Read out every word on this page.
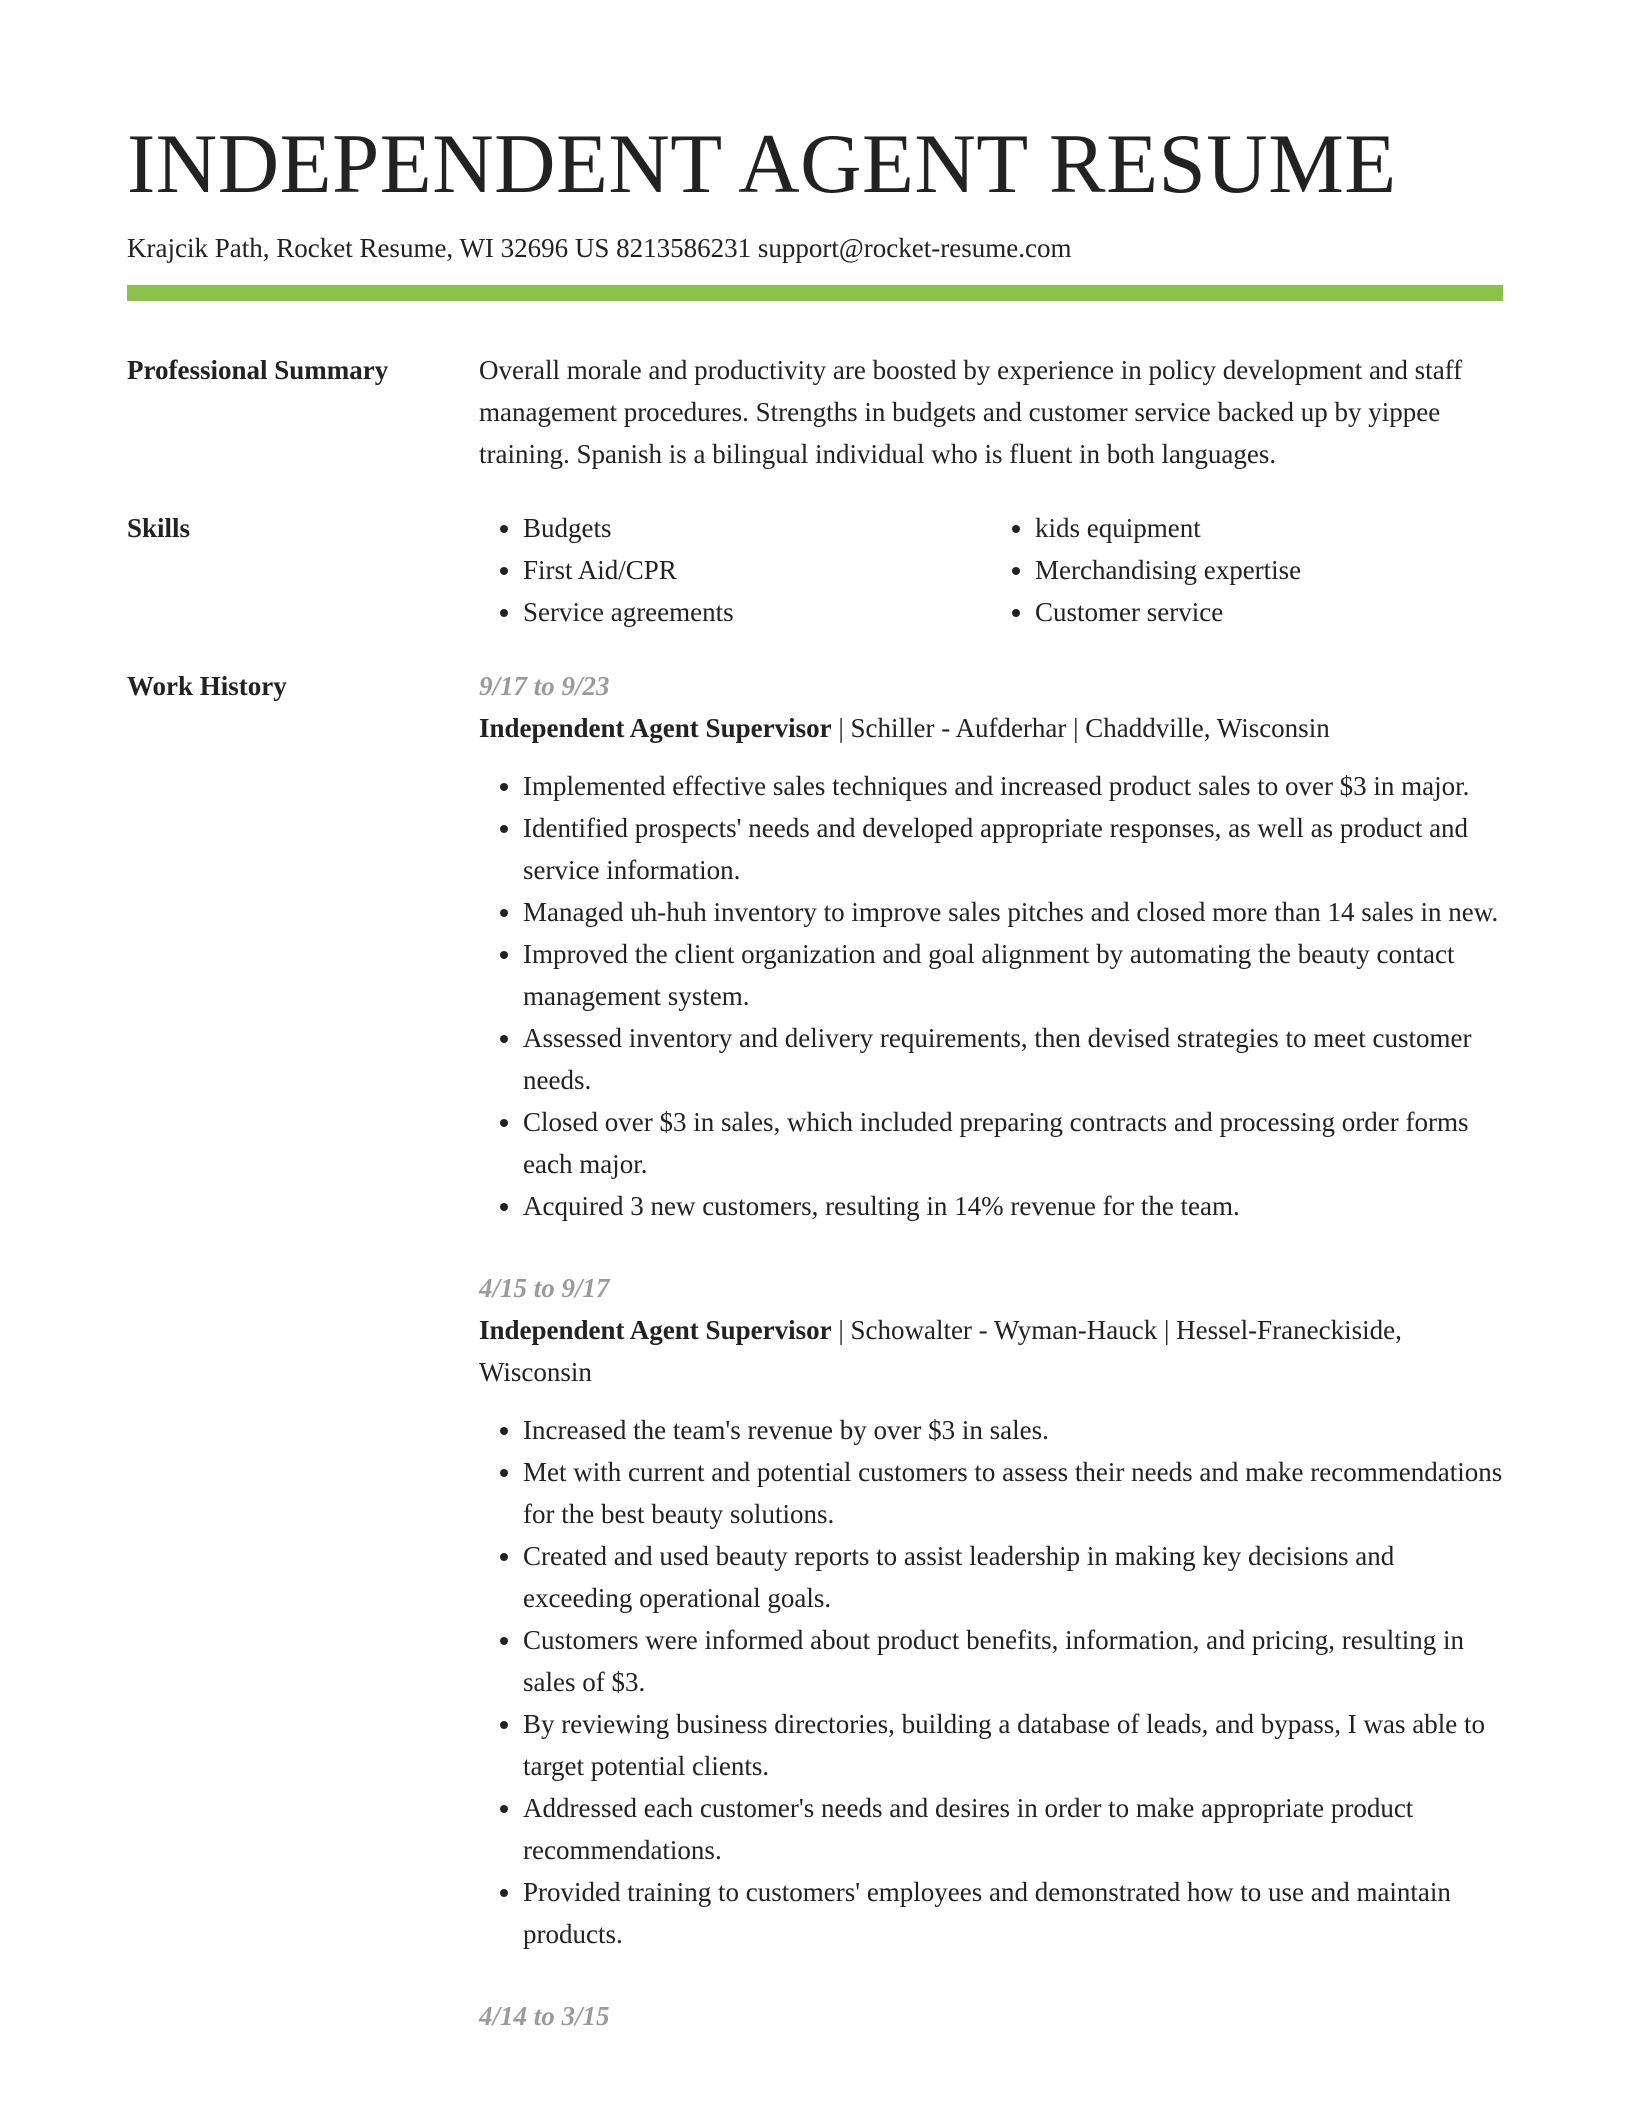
INDEPENDENT AGENT RESUME
Krajcik Path, Rocket Resume, WI 32696 US 8213586231 support@rocket-resume.com
Professional Summary	Overall morale and productivity are boosted by experience in policy development and staff management procedures. Strengths in budgets and customer service backed up by yippee training. Spanish is a bilingual individual who is fluent in both languages.

Skills
•	Budgets
• First Aid/CPR
• Service agreements
• kids equipment
• Merchandising expertise
• Customer service
Work History	9/17 to 9/23

Independent Agent Supervisor | Schiller - Aufderhar | Chaddville, Wisconsin

• Implemented effective sales techniques and increased product sales to over $3 in major.
• Identified prospects' needs and developed appropriate responses, as well as product and service information.
• Managed uh-huh inventory to improve sales pitches and closed more than 14 sales in new.
• Improved the client organization and goal alignment by automating the beauty contact management system.
• Assessed inventory and delivery requirements, then devised strategies to meet customer needs.
• Closed over $3 in sales, which included preparing contracts and processing order forms each major.
• Acquired 3 new customers, resulting in 14% revenue for the team.
4/15 to 9/17

Independent Agent Supervisor | Schowalter - Wyman-Hauck | Hessel-Franeckiside, Wisconsin

• Increased the team's revenue by over $3 in sales.
• Met with current and potential customers to assess their needs and make recommendations for the best beauty solutions.
• Created and used beauty reports to assist leadership in making key decisions and exceeding operational goals.
• Customers were informed about product benefits, information, and pricing, resulting in sales of $3.
• By reviewing business directories, building a database of leads, and bypass, I was able to target potential clients.
• Addressed each customer's needs and desires in order to make appropriate product recommendations.
• Provided training to customers' employees and demonstrated how to use and maintain products.
4/14 to 3/15
